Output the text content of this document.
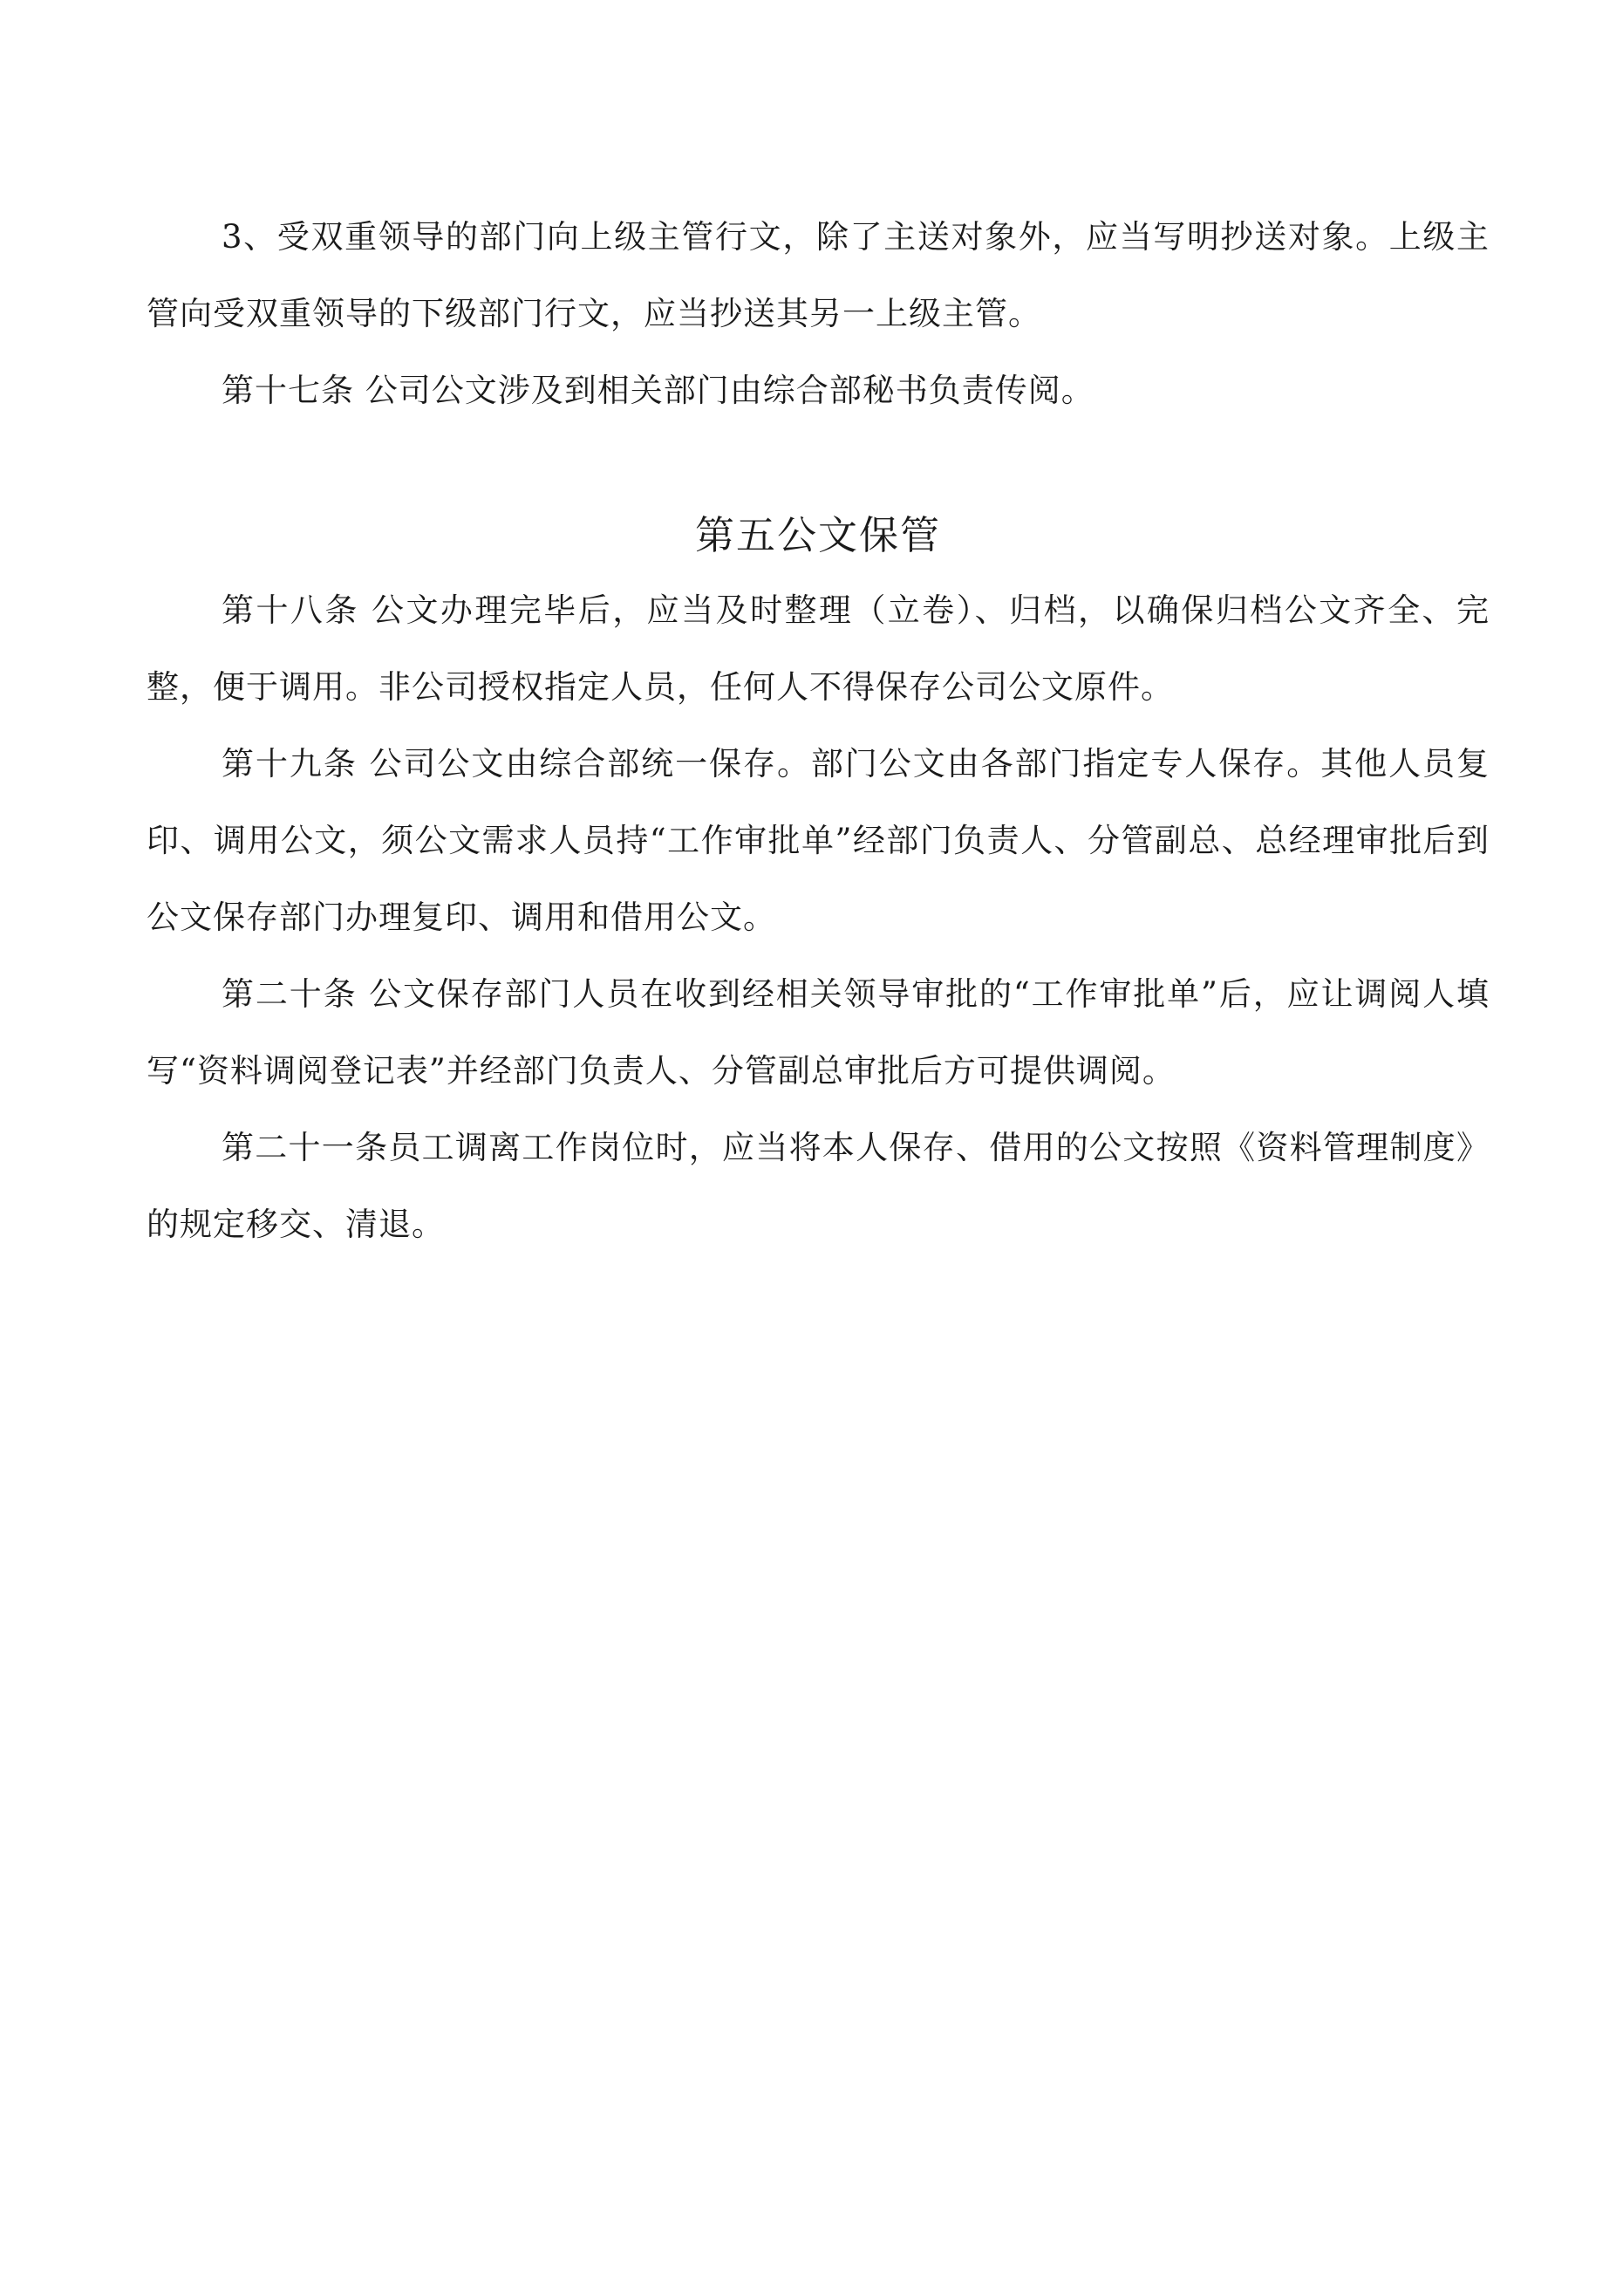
3、受双重领导的部门向上级主管行文，除了主送对象外，应当写明抄送对象。上级主管向受双重领导的下级部门行文，应当抄送其另一上级主管。

第十七条 公司公文涉及到相关部门由综合部秘书负责传阅。

第五公文保管

第十八条 公文办理完毕后，应当及时整理（立卷）、归档，以确保归档公文齐全、完整，便于调用。非公司授权指定人员，任何人不得保存公司公文原件。

第十九条 公司公文由综合部统一保存。部门公文由各部门指定专人保存。其他人员复印、调用公文，须公文需求人员持“工作审批单”经部门负责人、分管副总、总经理审批后到公文保存部门办理复印、调用和借用公文。

第二十条 公文保存部门人员在收到经相关领导审批的“工作审批单”后，应让调阅人填写“资料调阅登记表”并经部门负责人、分管副总审批后方可提供调阅。

第二十一条员工调离工作岗位时，应当将本人保存、借用的公文按照《资料管理制度》的规定移交、清退。
